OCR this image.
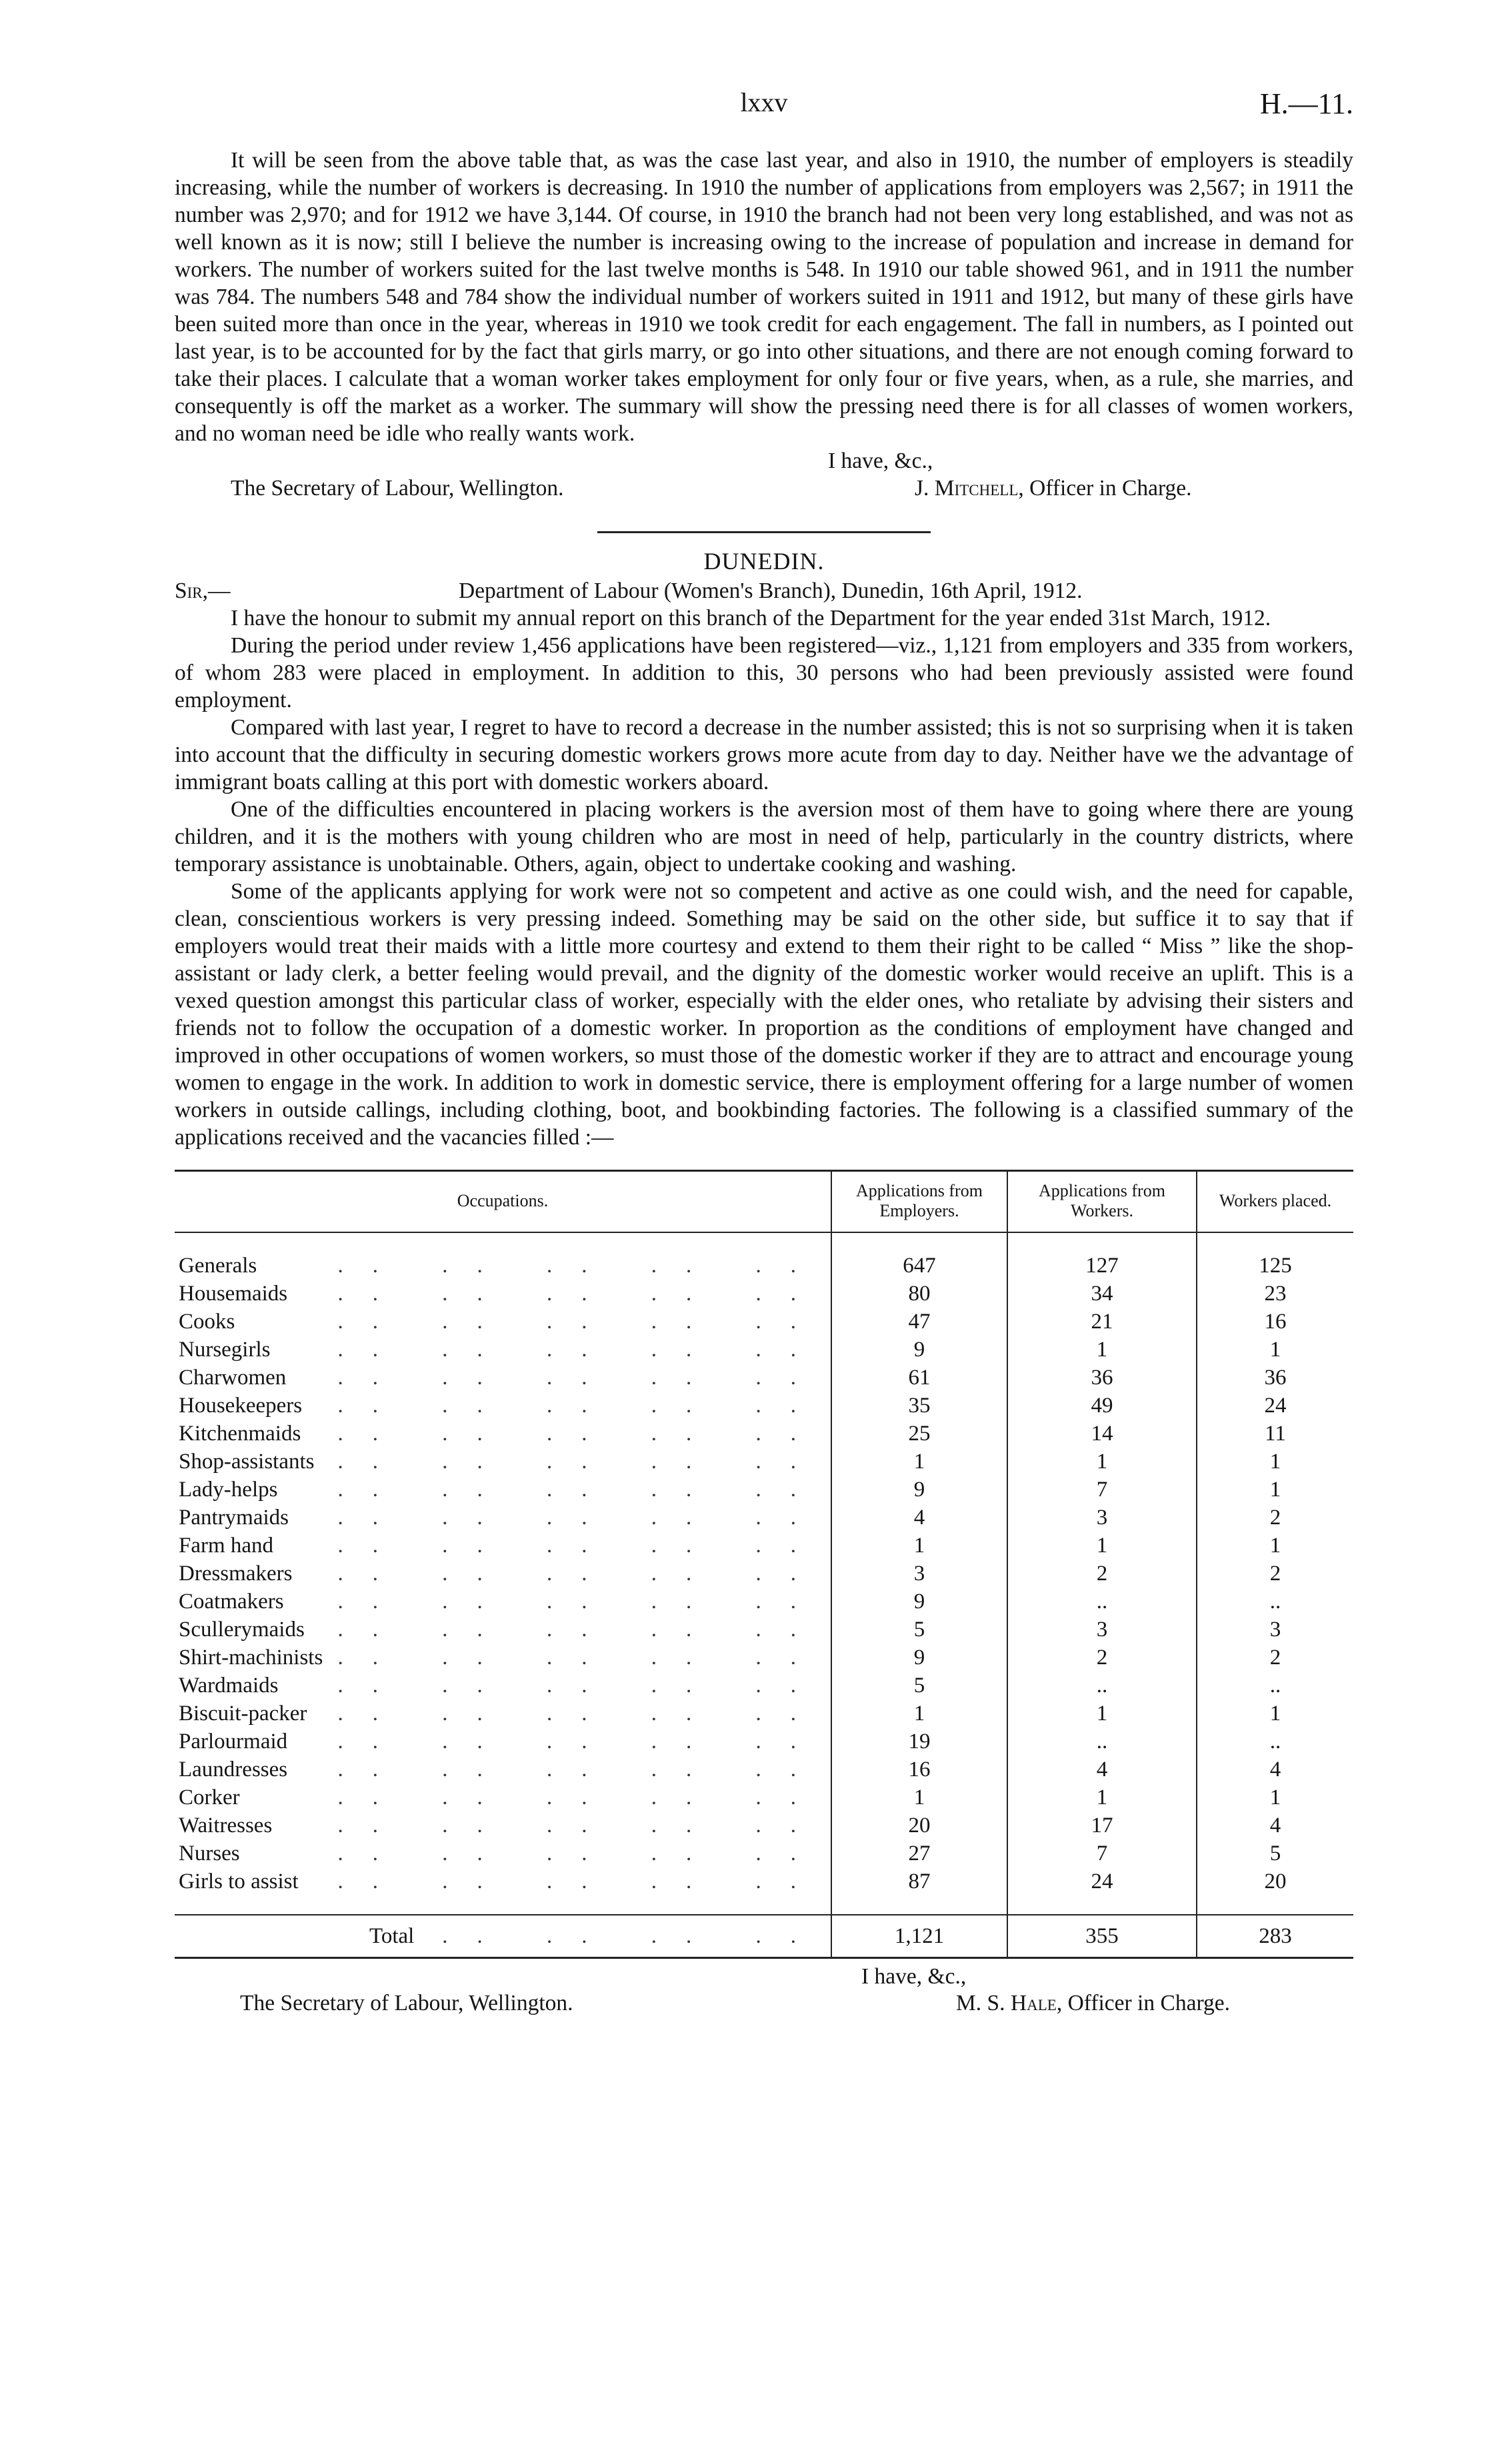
lxxv	H.—11.

It will be seen from the above table that, as was the case last year, and also in 1910, the number of employers is steadily increasing, while the number of workers is decreasing. In 1910 the number of applications from employers was 2,567; in 1911 the number was 2,970; and for 1912 we have 3,144. Of course, in 1910 the branch had not been very long established, and was not as well known as it is now; still I believe the number is increasing owing to the increase of population and increase in demand for workers. The number of workers suited for the last twelve months is 548. In 1910 our table showed 961, and in 1911 the number was 784. The numbers 548 and 784 show the individual number of workers suited in 1911 and 1912, but many of these girls have been suited more than once in the year, whereas in 1910 we took credit for each engagement. The fall in numbers, as I pointed out last year, is to be accounted for by the fact that girls marry, or go into other situations, and there are not enough coming forward to take their places. I calculate that a woman worker takes employment for only four or five years, when, as a rule, she marries, and consequently is off the market as a worker. The summary will show the pressing need there is for all classes of women workers, and no woman need be idle who really wants work.

I have, &c.,
The Secretary of Labour, Wellington.	J. Mitchell, Officer in Charge.
DUNEDIN.
Sir,—	Department of Labour (Women's Branch), Dunedin, 16th April, 1912.

I have the honour to submit my annual report on this branch of the Department for the year ended 31st March, 1912.

During the period under review 1,456 applications have been registered—viz., 1,121 from employers and 335 from workers, of whom 283 were placed in employment. In addition to this, 30 persons who had been previously assisted were found employment.

Compared with last year, I regret to have to record a decrease in the number assisted; this is not so surprising when it is taken into account that the difficulty in securing domestic workers grows more acute from day to day. Neither have we the advantage of immigrant boats calling at this port with domestic workers aboard.

One of the difficulties encountered in placing workers is the aversion most of them have to going where there are young children, and it is the mothers with young children who are most in need of help, particularly in the country districts, where temporary assistance is unobtainable. Others, again, object to undertake cooking and washing.

Some of the applicants applying for work were not so competent and active as one could wish, and the need for capable, clean, conscientious workers is very pressing indeed. Something may be said on the other side, but suffice it to say that if employers would treat their maids with a little more courtesy and extend to them their right to be called “ Miss ” like the shop-assistant or lady clerk, a better feeling would prevail, and the dignity of the domestic worker would receive an uplift. This is a vexed question amongst this particular class of worker, especially with the elder ones, who retaliate by advising their sisters and friends not to follow the occupation of a domestic worker. In proportion as the conditions of employment have changed and improved in other occupations of women workers, so must those of the domestic worker if they are to attract and encourage young women to engage in the work. In addition to work in domestic service, there is employment offering for a large number of women workers in outside callings, including clothing, boot, and bookbinding factories. The following is a classified summary of the applications received and the vacancies filled :—

Occupations.	Applications from Employers.	Applications from Workers.	Workers placed.

Generals .. .. .. .. ..	647	127	125
Housemaids .. .. .. .. ..	80	34	23
Cooks .. .. .. .. ..	47	21	16
Nursegirls .. .. .. .. ..	9	1	1
Charwomen .. .. .. .. ..	61	36	36
Housekeepers .. .. .. .. ..	35	49	24
Kitchenmaids .. .. .. .. ..	25	14	11
Shop-assistants .. .. .. .. ..	1	1	1
Lady-helps .. .. .. .. ..	9	7	1
Pantrymaids .. .. .. .. ..	4	3	2
Farm hand .. .. .. .. ..	1	1	1
Dressmakers .. .. .. .. ..	3	2	2
Coatmakers .. .. .. .. ..	9	..	..
Scullerymaids .. .. .. .. ..	5	3	3
Shirt-machinists .. .. .. .. ..	9	2	2
Wardmaids .. .. .. .. ..	5	..	..
Biscuit-packer .. .. .. .. ..	1	1	1
Parlourmaid .. .. .. .. ..	19	..	..
Laundresses .. .. .. .. ..	16	4	4
Corker .. .. .. .. ..	1	1	1
Waitresses .. .. .. .. ..	20	17	4
Nurses .. .. .. .. ..	27	7	5
Girls to assist .. .. .. .. ..	87	24	20

Total .. .. .. ..	1,121	355	283
I have, &c.,
The Secretary of Labour, Wellington.	M. S. Hale, Officer in Charge.
